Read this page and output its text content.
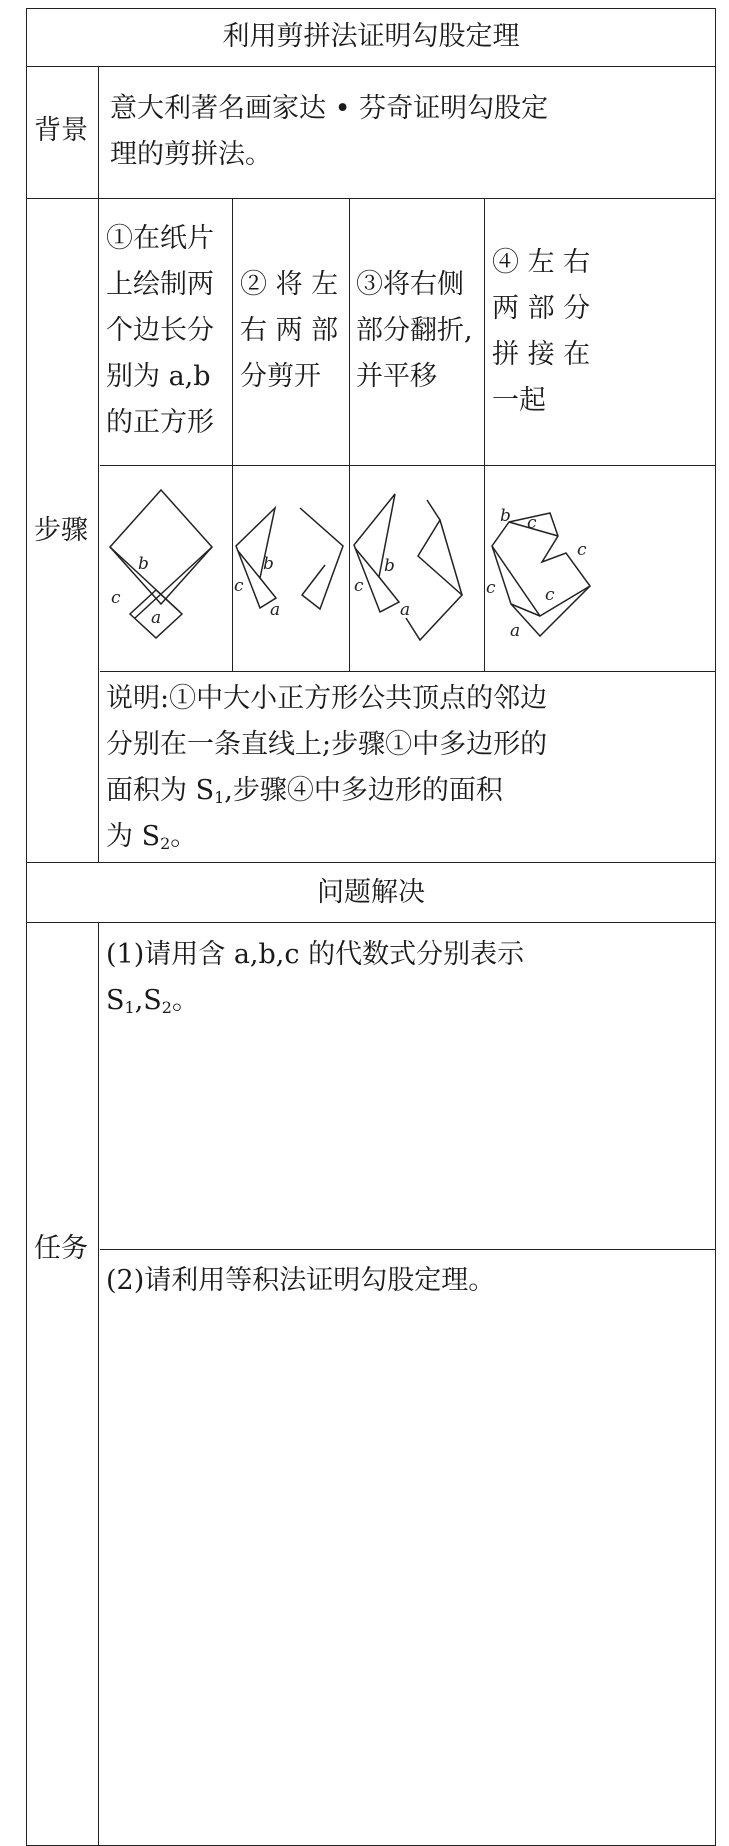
利用剪拼法证明勾股定理
背景
意大利著名画家达 • 芬奇证明勾股定
理的剪拼法。
步骤
①在纸片
上绘制两
个边长分
别为 a,b
的正方形
② 将 左
右 两 部
分剪开
③将右侧
部分翻折,
并平移
④ 左 右
两 部 分
拼 接 在
一起
b
c
a
b
c
a
b
c
a
b c
c
c	c
a
说明:①中大小正方形公共顶点的邻边
分别在一条直线上;步骤①中多边形的
面积为 $S_1$,步骤④中多边形的面积
为 $S_2$。
问题解决
任务
(1)请用含 a,b,c 的代数式分别表示
$S_1,S_2$。
(2)请利用等积法证明勾股定理。
